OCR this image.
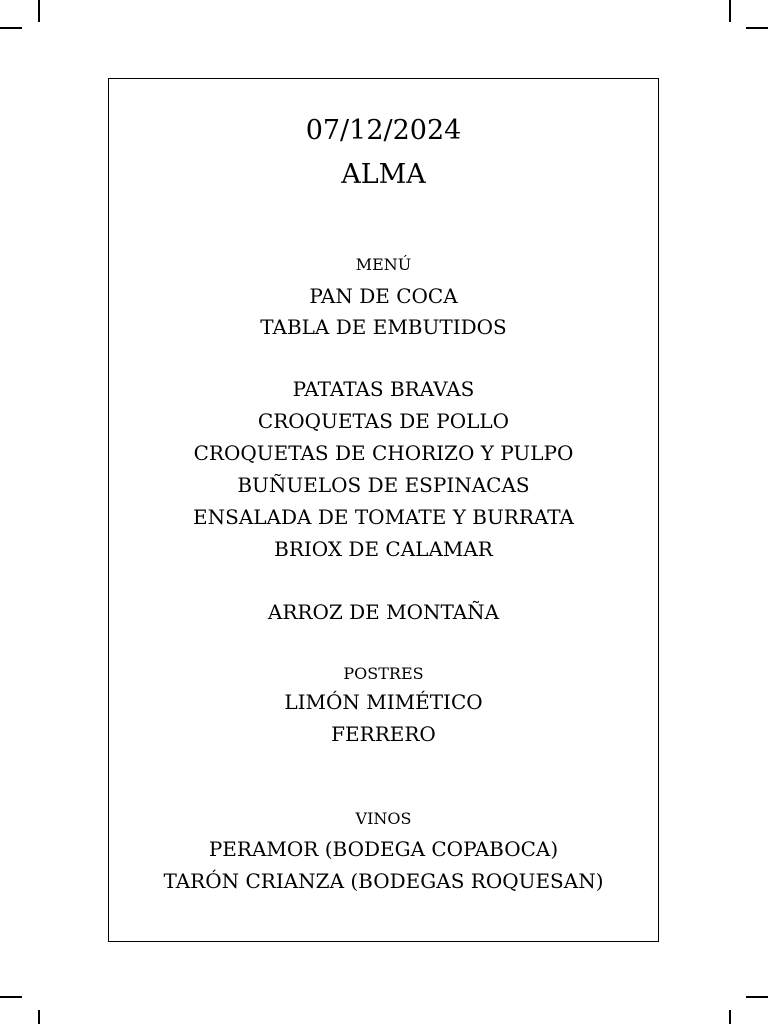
07/12/2024
ALMA
MENÚ
PAN DE COCA
TABLA DE EMBUTIDOS
PATATAS BRAVAS
CROQUETAS DE POLLO
CROQUETAS DE CHORIZO Y PULPO
BUÑUELOS DE ESPINACAS
ENSALADA DE TOMATE Y BURRATA
BRIOX DE CALAMAR
ARROZ DE MONTAÑA
POSTRES
LIMÓN MIMÉTICO
FERRERO
VINOS
PERAMOR (BODEGA COPABOCA)
TARÓN CRIANZA (BODEGAS ROQUESAN)
